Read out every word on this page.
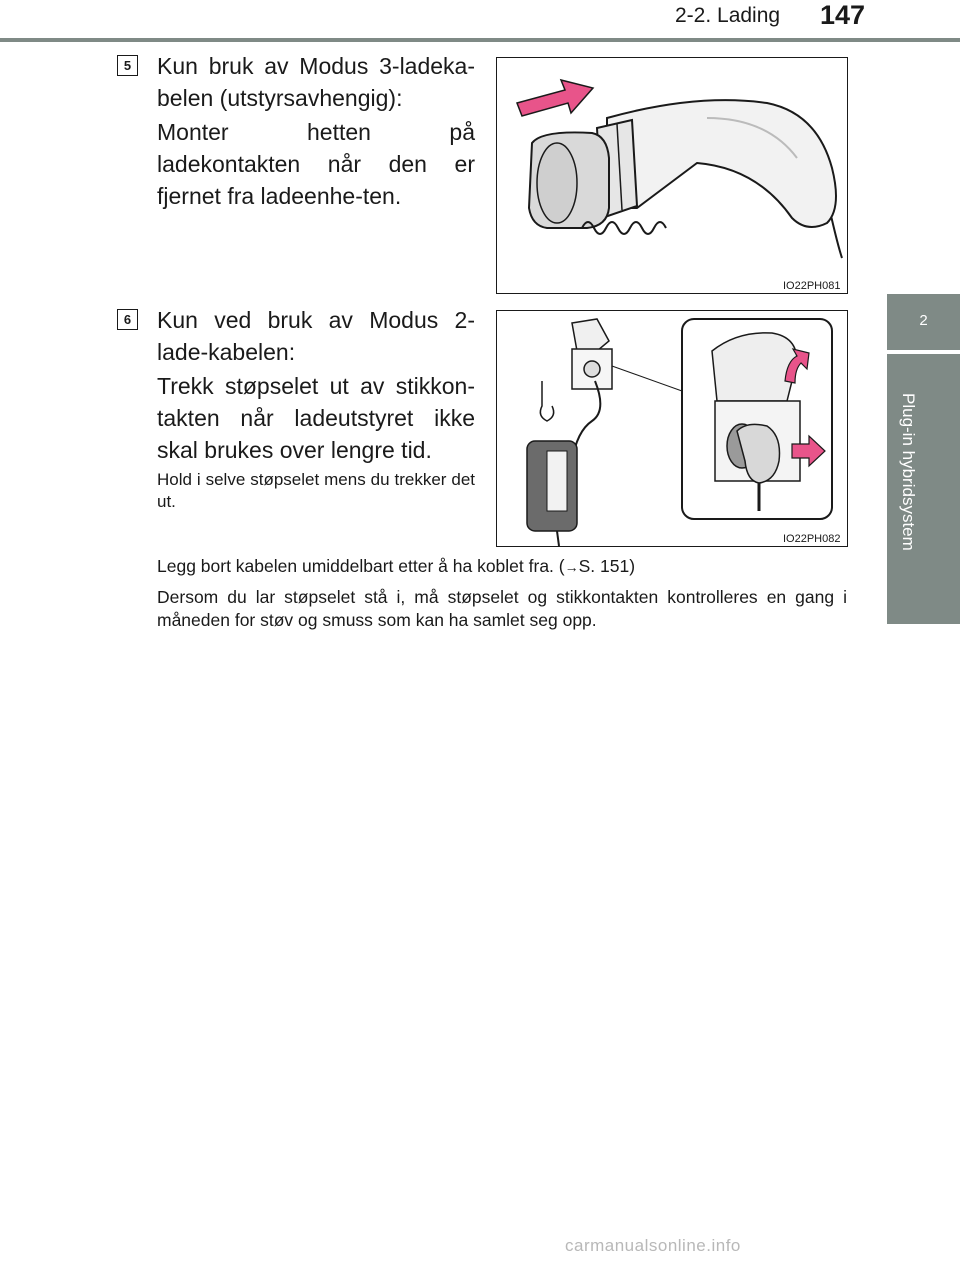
2-2. Lading 147
2
Plug-in hybridsystem
5 Kun bruk av Modus 3-ladeka-belen (utstyrsavhengig):
Monter hetten på ladekontakten når den er fjernet fra ladeenhe-ten.
IO22PH081
6 Kun ved bruk av Modus 2-lade-kabelen:
Trekk støpselet ut av stikkon-takten når ladeutstyret ikke skal brukes over lengre tid.
Hold i selve støpselet mens du trekker det ut.
IO22PH082
Legg bort kabelen umiddelbart etter å ha koblet fra. (→S. 151)
Dersom du lar støpselet stå i, må støpselet og stikkontakten kontrolleres en gang i måneden for støv og smuss som kan ha samlet seg opp.
carmanualsonline.info
